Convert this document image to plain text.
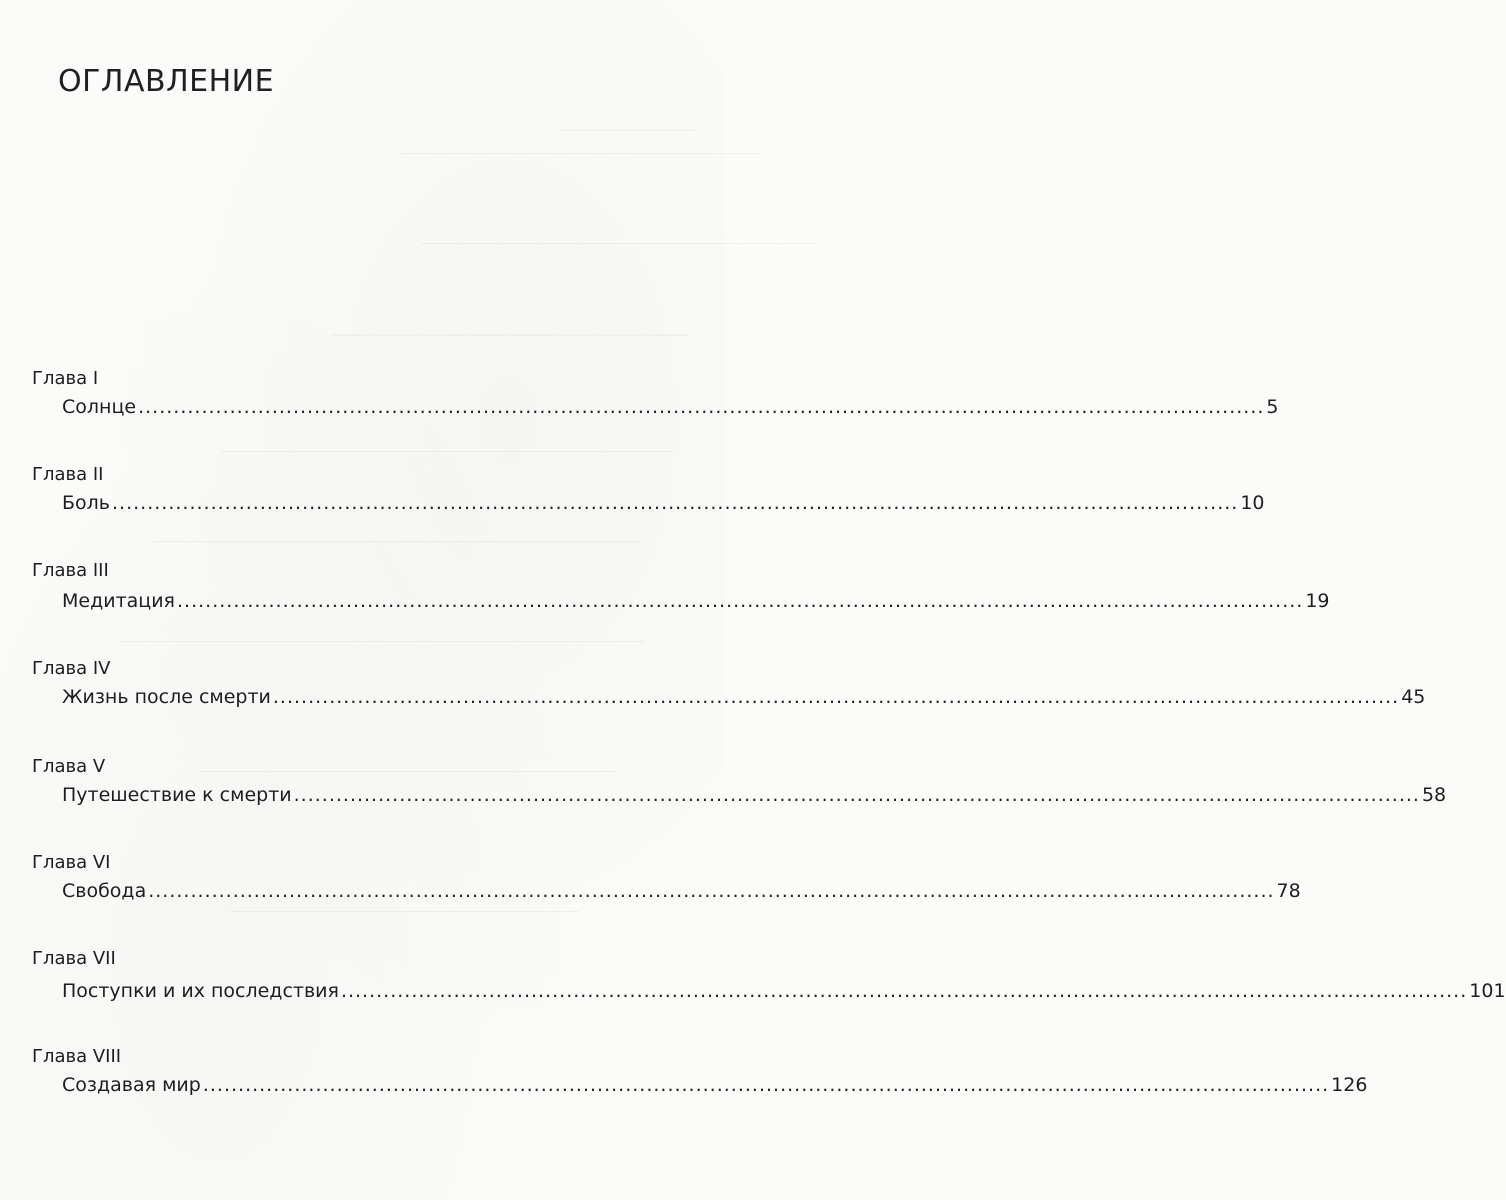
⸻⸻⸻
⸻⸻⸻⸻⸻⸻⸻⸻⸻
⸻⸻⸻⸻⸻⸻⸻⸻⸻⸻
⸻⸻⸻⸻⸻⸻⸻⸻
⸻⸻⸻⸻⸻⸻⸻⸻⸻⸻⸻⸻⸻
⸻⸻⸻⸻⸻⸻⸻⸻⸻⸻⸻⸻⸻⸻
⸻⸻⸻⸻⸻⸻⸻⸻⸻⸻⸻⸻⸻⸻⸻
⸻⸻⸻⸻⸻⸻⸻⸻⸻⸻⸻⸻
⸻⸻⸻⸻⸻⸻⸻⸻⸻⸻
ОГЛАВЛЕНИЕ
Глава I
Солнце .....	5
Глава II
Боль .....	10
Глава III
Медитация .....	19
Глава IV
Жизнь после смерти .....	45
Глава V
Путешествие к смерти .....	58
Глава VI
Свобода .....	78
Глава VII
Поступки и их последствия .....	101
Глава VIII
Создавая мир .....	126
